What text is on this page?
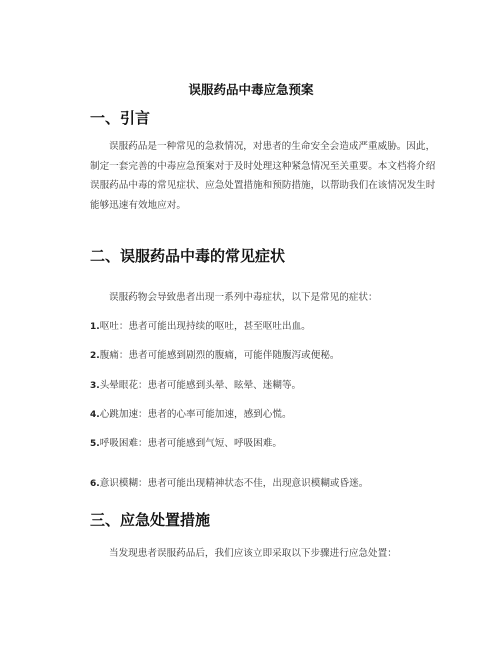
误服药品中毒应急预案
一、引言

误服药品是一种常见的急救情况，对患者的生命安全会造成严重威胁。因此，制定一套完善的中毒应急预案对于及时处理这种紧急情况至关重要。本文档将介绍误服药品中毒的常见症状、应急处置措施和预防措施，以帮助我们在该情况发生时能够迅速有效地应对。

二、误服药品中毒的常见症状
误服药物会导致患者出现一系列中毒症状，以下是常见的症状：
1.呕吐：患者可能出现持续的呕吐，甚至呕吐出血。
2.腹痛：患者可能感到剧烈的腹痛，可能伴随腹泻或便秘。
3.头晕眼花：患者可能感到头晕、眩晕、迷糊等。
4.心跳加速：患者的心率可能加速，感到心慌。
5.呼吸困难：患者可能感到气短、呼吸困难。
6.意识模糊：患者可能出现精神状态不佳，出现意识模糊或昏迷。
三、应急处置措施
当发现患者误服药品后，我们应该立即采取以下步骤进行应急处置：
